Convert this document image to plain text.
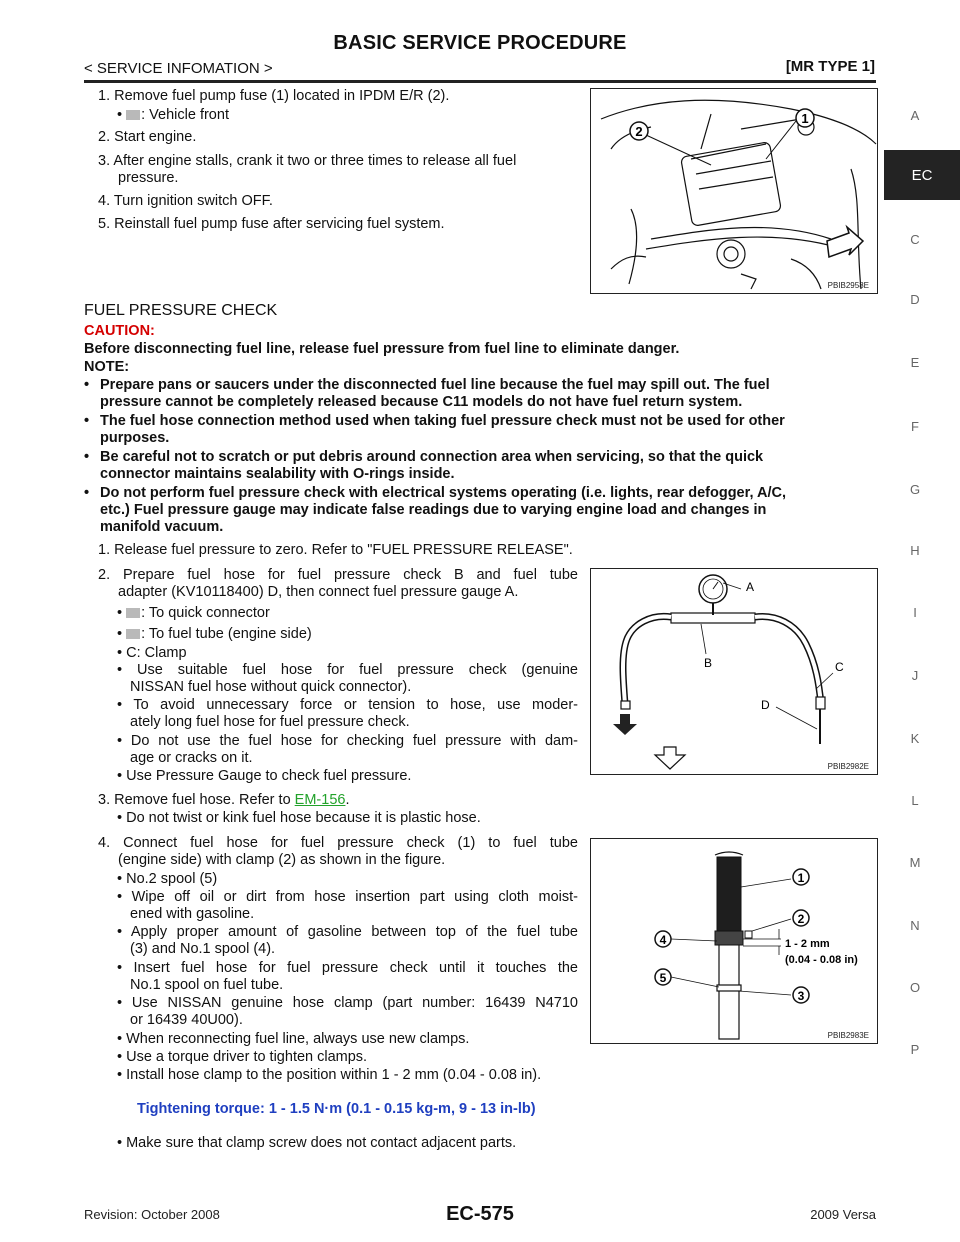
BASIC SERVICE PROCEDURE
< SERVICE INFOMATION >	[MR TYPE 1]
A
EC
C
D
E
F
G
H
I
J
K
L
M
N
O
P
1. Remove fuel pump fuse (1) located in IPDM E/R (2).
• : Vehicle front
2. Start engine.
3. After engine stalls, crank it two or three times to release all fuel
pressure.
4. Turn ignition switch OFF.
5. Reinstall fuel pump fuse after servicing fuel system.
2
1
PBIB2958E
FUEL PRESSURE CHECK
CAUTION:
Before disconnecting fuel line, release fuel pressure from fuel line to eliminate danger.
NOTE:
• Prepare pans or saucers under the disconnected fuel line because the fuel may spill out. The fuel
pressure cannot be completely released because C11 models do not have fuel return system.
• The fuel hose connection method used when taking fuel pressure check must not be used for other
purposes.
• Be careful not to scratch or put debris around connection area when servicing, so that the quick
connector maintains sealability with O-rings inside.
• Do not perform fuel pressure check with electrical systems operating (i.e. lights, rear defogger, A/C,
etc.) Fuel pressure gauge may indicate false readings due to varying engine load and changes in
manifold vacuum.
1. Release fuel pressure to zero. Refer to "FUEL PRESSURE RELEASE".
2. Prepare fuel hose for fuel pressure check B and fuel tube
adapter (KV10118400) D, then connect fuel pressure gauge A.
• : To quick connector
• : To fuel tube (engine side)
• C: Clamp
• Use suitable fuel hose for fuel pressure check (genuine
NISSAN fuel hose without quick connector).
• To avoid unnecessary force or tension to hose, use moder-
ately long fuel hose for fuel pressure check.
• Do not use the fuel hose for checking fuel pressure with dam-
age or cracks on it.
• Use Pressure Gauge to check fuel pressure.
3. Remove fuel hose. Refer to EM-156.
• Do not twist or kink fuel hose because it is plastic hose.
4. Connect fuel hose for fuel pressure check (1) to fuel tube
(engine side) with clamp (2) as shown in the figure.
• No.2 spool (5)
• Wipe off oil or dirt from hose insertion part using cloth moist-
ened with gasoline.
• Apply proper amount of gasoline between top of the fuel tube
(3) and No.1 spool (4).
• Insert fuel hose for fuel pressure check until it touches the
No.1 spool on fuel tube.
• Use NISSAN genuine hose clamp (part number: 16439 N4710
or 16439 40U00).
• When reconnecting fuel line, always use new clamps.
• Use a torque driver to tighten clamps.
• Install hose clamp to the position within 1 - 2 mm (0.04 - 0.08 in).
Tightening torque: 1 - 1.5 N·m (0.1 - 0.15 kg-m, 9 - 13 in-lb)
• Make sure that clamp screw does not contact adjacent parts.
A
B	C
D
PBIB2982E
1
2
3
4
5
1 - 2 mm
(0.04 - 0.08 in)
PBIB2983E
Revision: October 2008	EC-575	2009 Versa
